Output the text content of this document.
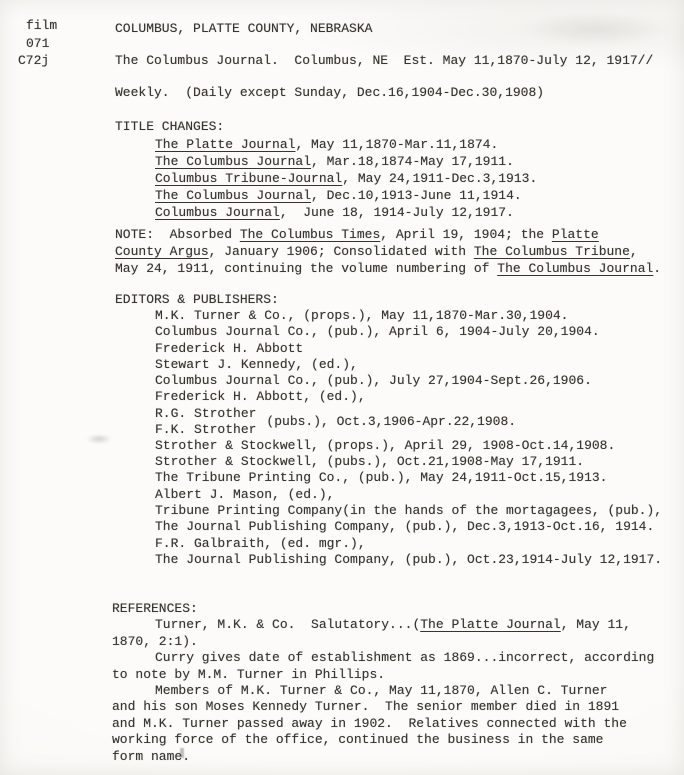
film
071
C72j
COLUMBUS, PLATTE COUNTY, NEBRASKA
The Columbus Journal.  Columbus, NE  Est. May 11,1870-July 12, 1917//
Weekly.  (Daily except Sunday, Dec.16,1904-Dec.30,1908)
TITLE CHANGES:
The Platte Journal, May 11,1870-Mar.11,1874.
The Columbus Journal, Mar.18,1874-May 17,1911.
Columbus Tribune-Journal, May 24,1911-Dec.3,1913.
The Columbus Journal, Dec.10,1913-June 11,1914.
Columbus Journal,  June 18, 1914-July 12,1917.
NOTE:  Absorbed The Columbus Times, April 19, 1904; the Platte
County Argus, January 1906; Consolidated with The Columbus Tribune,
May 24, 1911, continuing the volume numbering of The Columbus Journal.
EDITORS & PUBLISHERS:
M.K. Turner & Co., (props.), May 11,1870-Mar.30,1904.
Columbus Journal Co., (pub.), April 6, 1904-July 20,1904.
Frederick H. Abbott
Stewart J. Kennedy, (ed.),
Columbus Journal Co., (pub.), July 27,1904-Sept.26,1906.
Frederick H. Abbott, (ed.),
R.G. Strother
F.K. Strother
(pubs.), Oct.3,1906-Apr.22,1908.
Strother & Stockwell, (props.), April 29, 1908-Oct.14,1908.
Strother & Stockwell, (pubs.), Oct.21,1908-May 17,1911.
The Tribune Printing Co., (pub.), May 24,1911-Oct.15,1913.
Albert J. Mason, (ed.),
Tribune Printing Company(in the hands of the mortagagees, (pub.),
The Journal Publishing Company, (pub.), Dec.3,1913-Oct.16, 1914.
F.R. Galbraith, (ed. mgr.),
The Journal Publishing Company, (pub.), Oct.23,1914-July 12,1917.
REFERENCES:
Turner, M.K. & Co.  Salutatory...(The Platte Journal, May 11,
1870, 2:1).
Curry gives date of establishment as 1869...incorrect, according
to note by M.M. Turner in Phillips.
Members of M.K. Turner & Co., May 11,1870, Allen C. Turner
and his son Moses Kennedy Turner.  The senior member died in 1891
and M.K. Turner passed away in 1902.  Relatives connected with the
working force of the office, continued the business in the same
form name.
